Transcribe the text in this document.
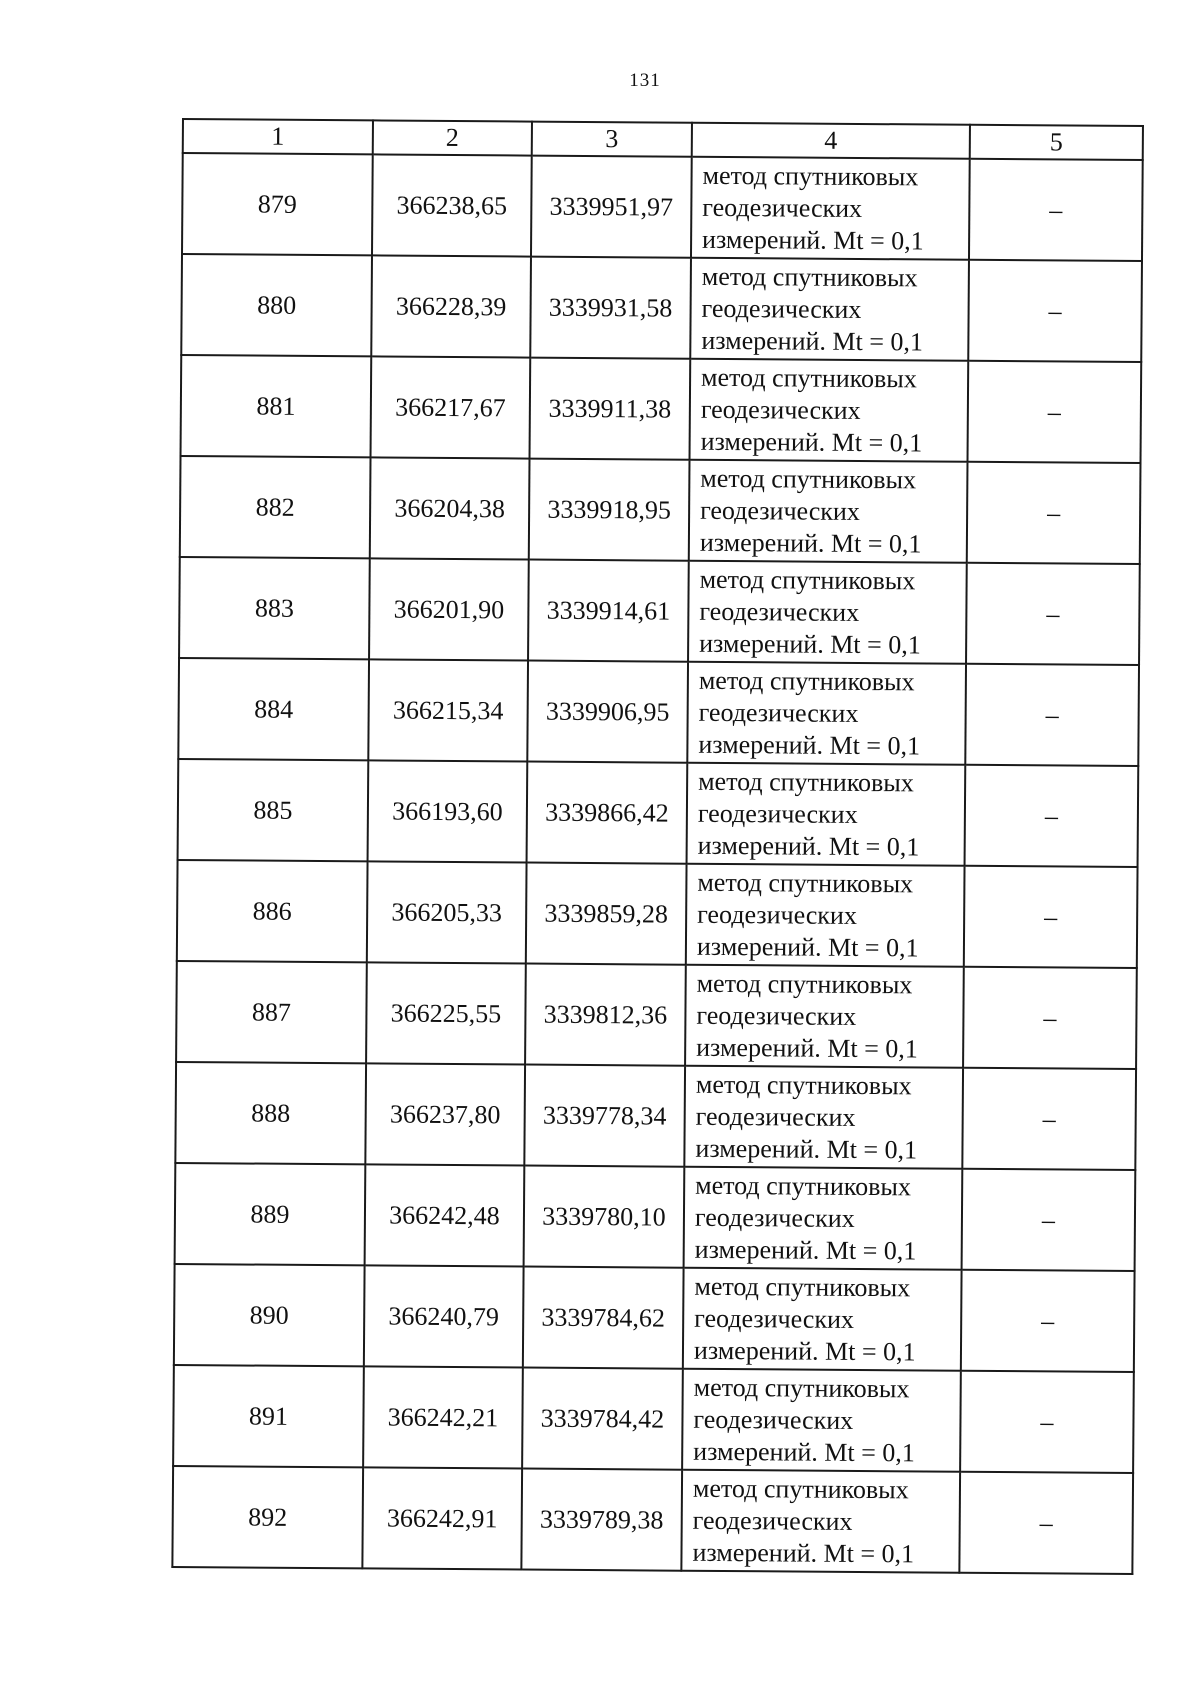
131
1	2	3	4	5
879	366238,65	3339951,97	метод спутниковых
геодезических
измерений. Mt = 0,1	–
880	366228,39	3339931,58	метод спутниковых
геодезических
измерений. Mt = 0,1	–
881	366217,67	3339911,38	метод спутниковых
геодезических
измерений. Mt = 0,1	–
882	366204,38	3339918,95	метод спутниковых
геодезических
измерений. Mt = 0,1	–
883	366201,90	3339914,61	метод спутниковых
геодезических
измерений. Mt = 0,1	–
884	366215,34	3339906,95	метод спутниковых
геодезических
измерений. Mt = 0,1	–
885	366193,60	3339866,42	метод спутниковых
геодезических
измерений. Mt = 0,1	–
886	366205,33	3339859,28	метод спутниковых
геодезических
измерений. Mt = 0,1	–
887	366225,55	3339812,36	метод спутниковых
геодезических
измерений. Mt = 0,1	–
888	366237,80	3339778,34	метод спутниковых
геодезических
измерений. Mt = 0,1	–
889	366242,48	3339780,10	метод спутниковых
геодезических
измерений. Mt = 0,1	–
890	366240,79	3339784,62	метод спутниковых
геодезических
измерений. Mt = 0,1	–
891	366242,21	3339784,42	метод спутниковых
геодезических
измерений. Mt = 0,1	–
892	366242,91	3339789,38	метод спутниковых
геодезических
измерений. Mt = 0,1	–
